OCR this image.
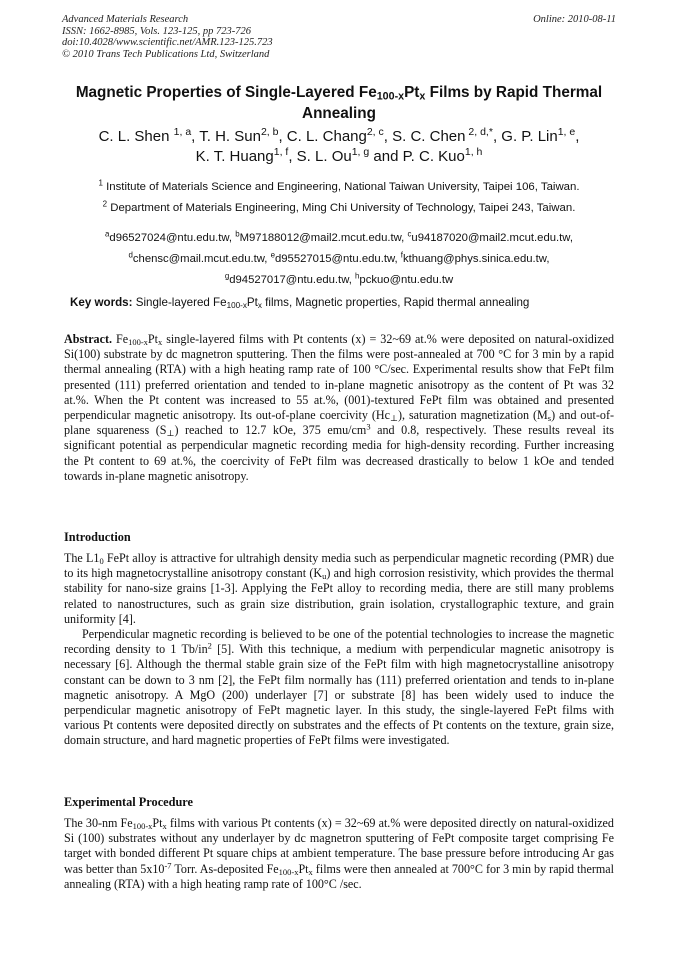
Advanced Materials Research
ISSN: 1662-8985, Vols. 123-125, pp 723-726
doi:10.4028/www.scientific.net/AMR.123-125.723
© 2010 Trans Tech Publications Ltd, Switzerland
Online: 2010-08-11
Magnetic Properties of Single-Layered $Fe_{100-x}Pt_x$ Films by Rapid Thermal Annealing
C. L. Shen $^{1, a}$, T. H. Sun$^{2, b}$, C. L. Chang$^{2, c}$, S. C. Chen $^{2, d,*}$, G. P. Lin$^{1, e}$,
K. T. Huang$^{1, f}$, S. L. Ou$^{1, g}$ and P. C. Kuo$^{1, h}$
$^1$ Institute of Materials Science and Engineering, National Taiwan University, Taipei 106, Taiwan.
$^2$ Department of Materials Engineering, Ming Chi University of Technology, Taipei 243, Taiwan.
$^a$d96527024@ntu.edu.tw, $^b$M97188012@mail2.mcut.edu.tw, $^c$u94187020@mail2.mcut.edu.tw,
$^d$chensc@mail.mcut.edu.tw, $^e$d95527015@ntu.edu.tw, $^f$kthuang@phys.sinica.edu.tw,
$^g$d94527017@ntu.edu.tw, $^h$pckuo@ntu.edu.tw
Key words: Single-layered $Fe_{100-x}Pt_x$ films, Magnetic properties, Rapid thermal annealing
Abstract. $Fe_{100-x}Pt_x$ single-layered films with Pt contents (x) = 32~69 at.% were deposited on natural-oxidized Si(100) substrate by dc magnetron sputtering. Then the films were post-annealed at 700 °C for 3 min by a rapid thermal annealing (RTA) with a high heating ramp rate of 100 °C/sec. Experimental results show that FePt film presented (111) preferred orientation and tended to in-plane magnetic anisotropy as the content of Pt was 32 at.%. When the Pt content was increased to 55 at.%, (001)-textured FePt film was obtained and presented perpendicular magnetic anisotropy. Its out-of-plane coercivity $(Hc_\perp)$, saturation magnetization $(M_s)$ and out-of-plane squareness $(S_\perp)$ reached to 12.7 kOe, 375 emu/$cm^3$ and 0.8, respectively. These results reveal its significant potential as perpendicular magnetic recording media for high-density recording. Further increasing the Pt content to 69 at.%, the coercivity of FePt film was decreased drastically to below 1 kOe and tended towards in-plane magnetic anisotropy.
Introduction

The $L1_0$ FePt alloy is attractive for ultrahigh density media such as perpendicular magnetic recording (PMR) due to its high magnetocrystalline anisotropy constant $(K_u)$ and high corrosion resistivity, which provides the thermal stability for nano-size grains [1-3]. Applying the FePt alloy to recording media, there are still many problems related to nanostructures, such as grain size distribution, grain isolation, crystallographic texture, and grain uniformity [4].

Perpendicular magnetic recording is believed to be one of the potential technologies to increase the magnetic recording density to 1 $Tb/in^2$ [5]. With this technique, a medium with perpendicular magnetic anisotropy is necessary [6]. Although the thermal stable grain size of the FePt film with high magnetocrystalline anisotropy constant can be down to 3 nm [2], the FePt film normally has (111) preferred orientation and tends to in-plane magnetic anisotropy. A MgO (200) underlayer [7] or substrate [8] has been widely used to induce the perpendicular magnetic anisotropy of FePt magnetic layer. In this study, the single-layered FePt films with various Pt contents were deposited directly on substrates and the effects of Pt contents on the texture, grain size, domain structure, and hard magnetic properties of FePt films were investigated.

Experimental Procedure

The 30-nm $Fe_{100-x}Pt_x$ films with various Pt contents (x) = 32~69 at.% were deposited directly on natural-oxidized Si (100) substrates without any underlayer by dc magnetron sputtering of FePt composite target comprising Fe target with bonded different Pt square chips at ambient temperature. The base pressure before introducing Ar gas was better than $5x10^{-7}$ Torr. As-deposited $Fe_{100-x}Pt_x$ films were then annealed at 700°C for 3 min by rapid thermal annealing (RTA) with a high heating ramp rate of 100°C /sec.
